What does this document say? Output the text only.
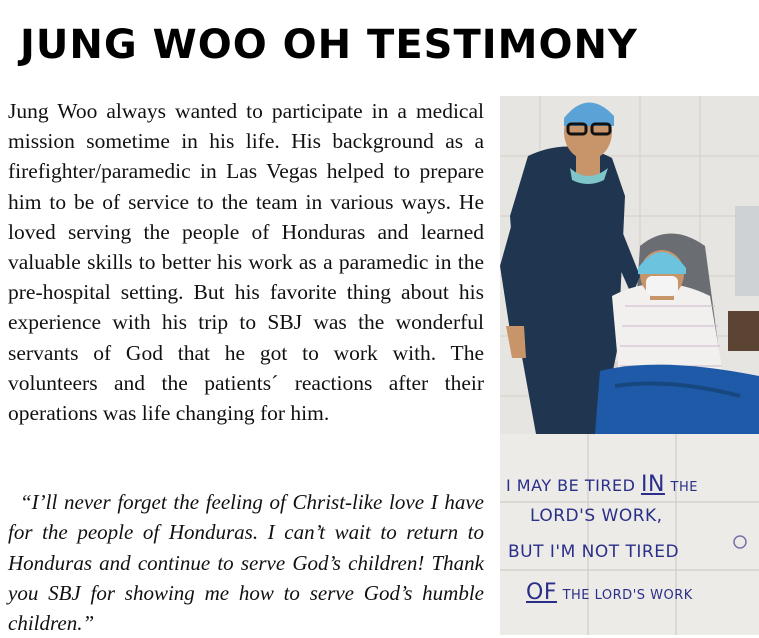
JUNG WOO OH TESTIMONY

Jung Woo always wanted to participate in a medical mission sometime in his life. His background as a firefighter/paramedic in Las Vegas helped to prepare him to be of service to the team in various ways. He loved serving the people of Honduras and learned valuable skills to better his work as a paramedic in the pre-hospital setting. But his favorite thing about his experience with his trip to SBJ was the wonderful servants of God that he got to work with. The volunteers and the patients´ reactions after their operations was life changing for him.

“I’ll never forget the feeling of Christ-like love I have for the people of Honduras. I can’t wait to return to Honduras and continue to serve God’s children! Thank you SBJ for showing me how to serve God’s humble children.”

I MAY BE TIRED IN THE
LORD'S WORK,
BUT I'M NOT TIRED
OF THE LORD'S WORK
